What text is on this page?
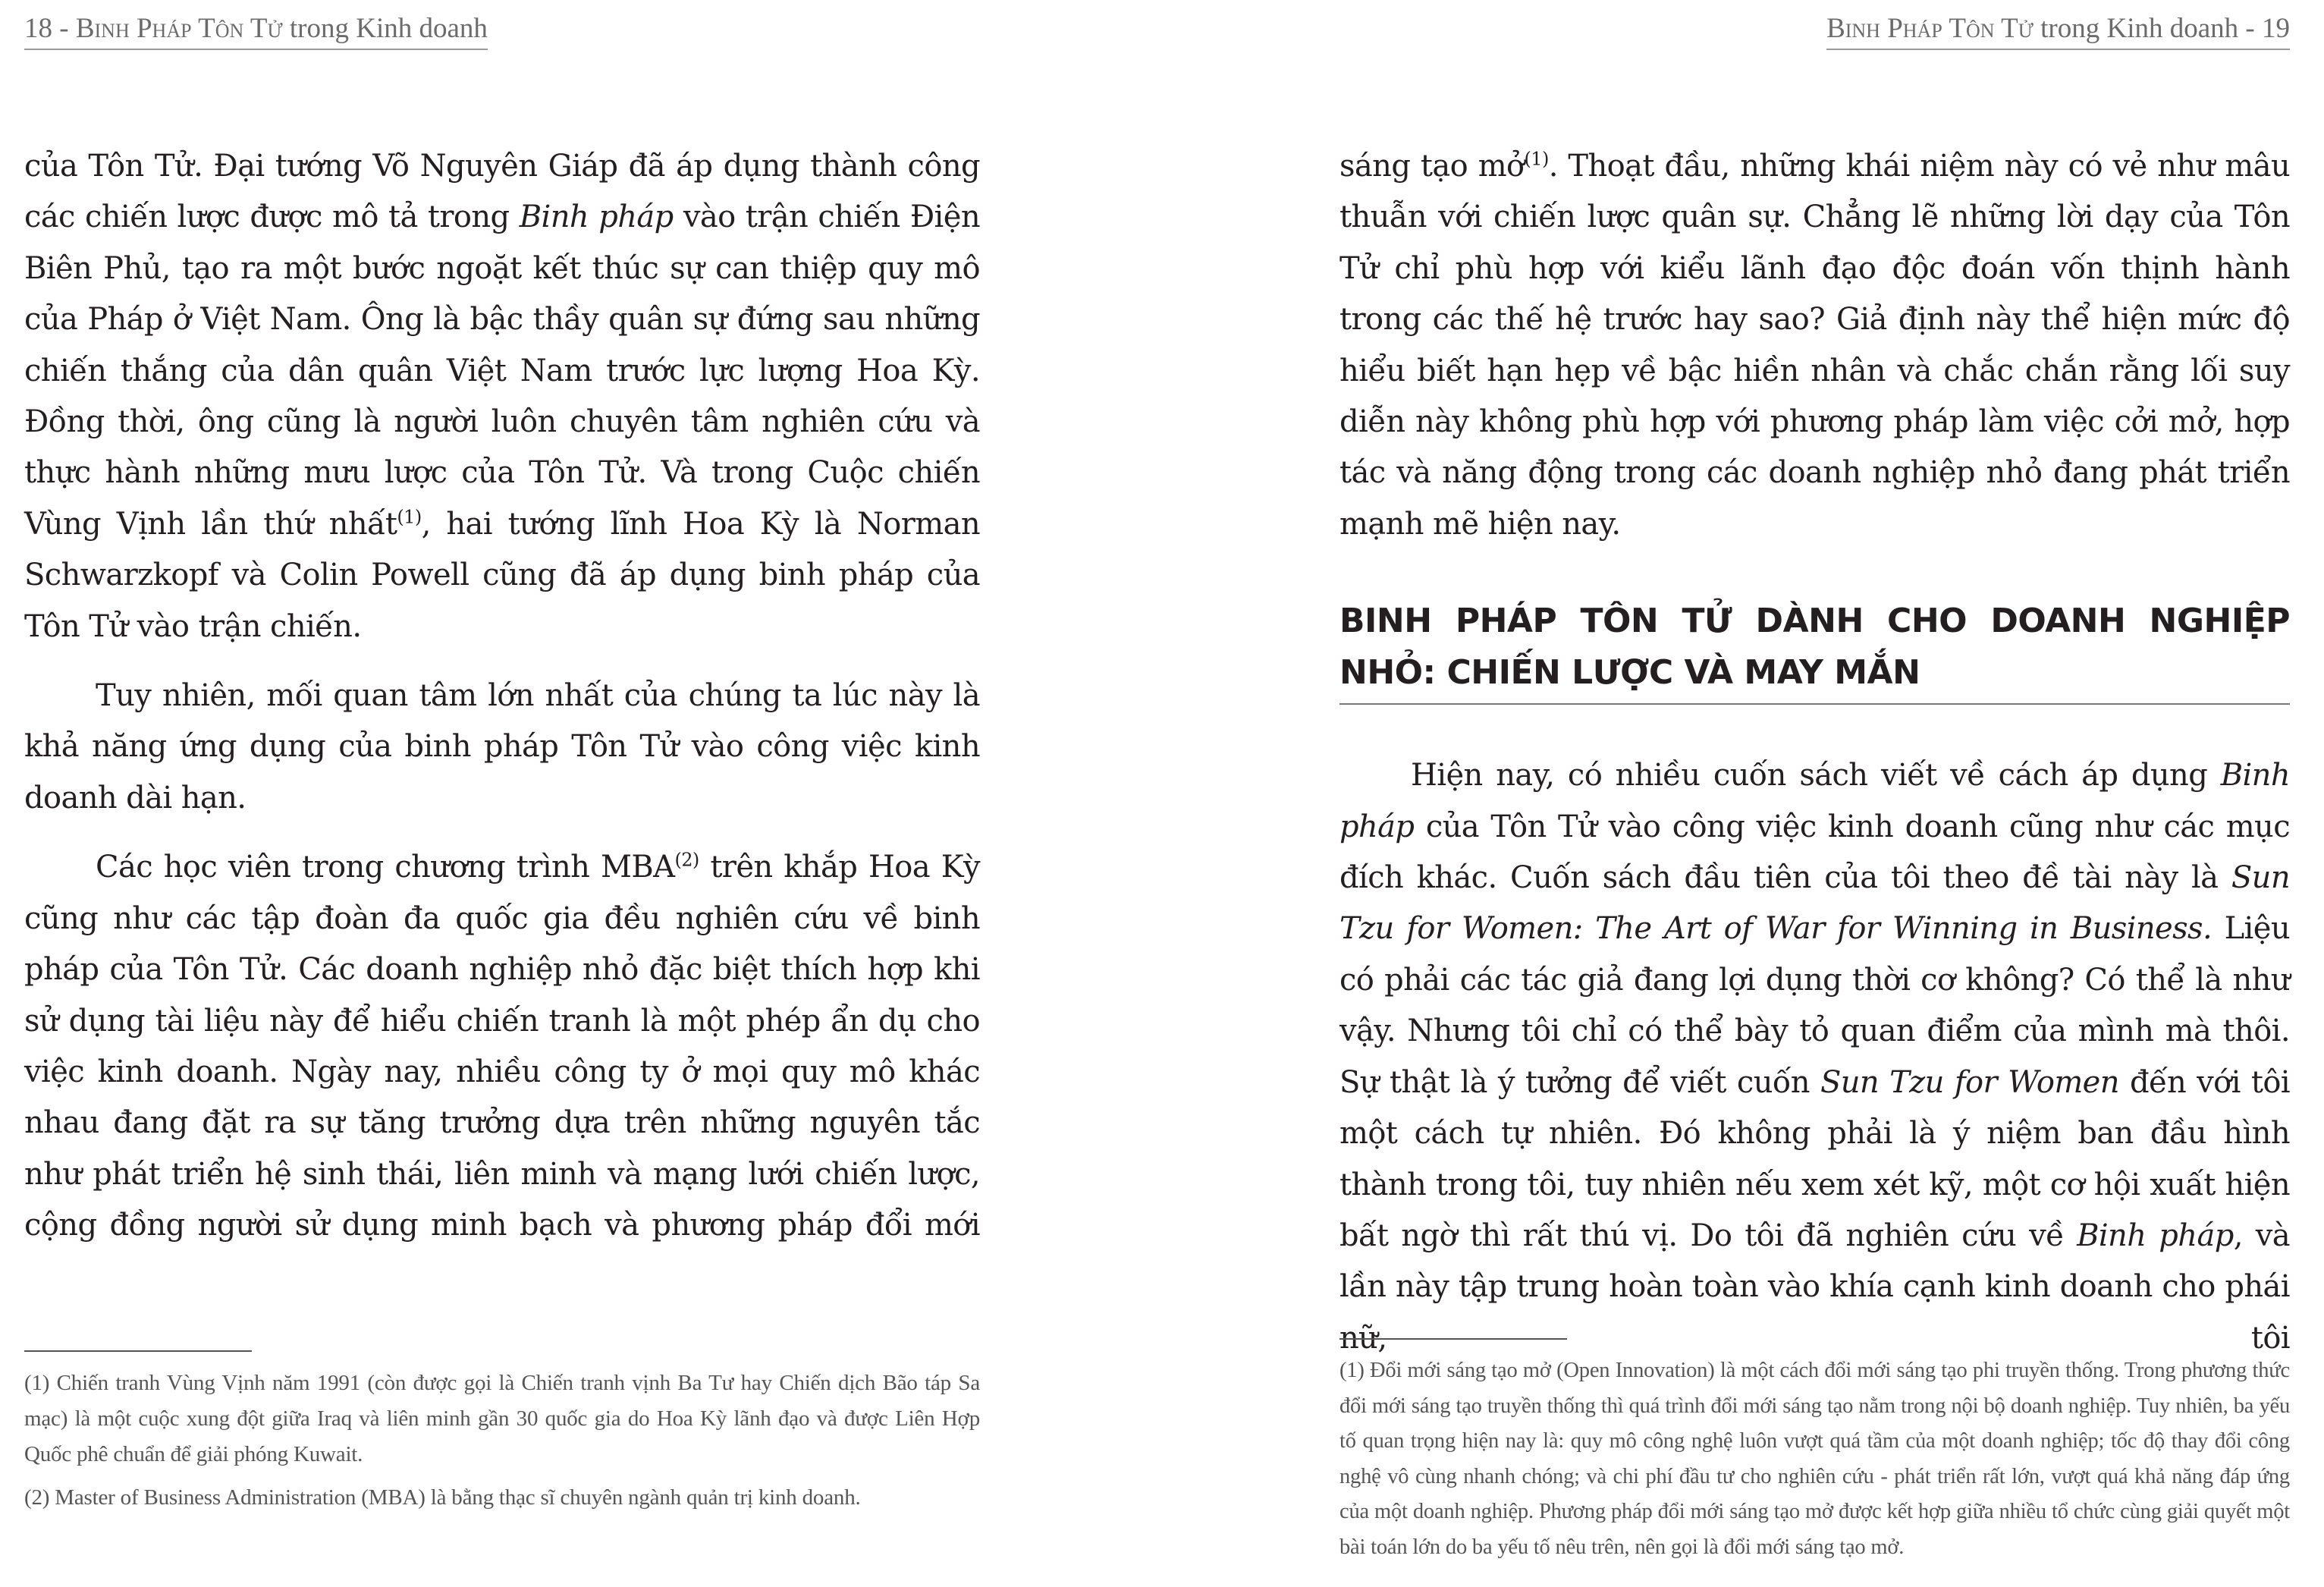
18 - Binh Pháp Tôn Tử trong Kinh doanh

của Tôn Tử. Đại tướng Võ Nguyên Giáp đã áp dụng thành công các chiến lược được mô tả trong Binh pháp vào trận chiến Điện Biên Phủ, tạo ra một bước ngoặt kết thúc sự can thiệp quy mô của Pháp ở Việt Nam. Ông là bậc thầy quân sự đứng sau những chiến thắng của dân quân Việt Nam trước lực lượng Hoa Kỳ. Đồng thời, ông cũng là người luôn chuyên tâm nghiên cứu và thực hành những mưu lược của Tôn Tử. Và trong Cuộc chiến Vùng Vịnh lần thứ nhất$^{(1)}$, hai tướng lĩnh Hoa Kỳ là Norman Schwarzkopf và Colin Powell cũng đã áp dụng binh pháp của Tôn Tử vào trận chiến.

Tuy nhiên, mối quan tâm lớn nhất của chúng ta lúc này là khả năng ứng dụng của binh pháp Tôn Tử vào công việc kinh doanh dài hạn.

Các học viên trong chương trình MBA$^{(2)}$ trên khắp Hoa Kỳ cũng như các tập đoàn đa quốc gia đều nghiên cứu về binh pháp của Tôn Tử. Các doanh nghiệp nhỏ đặc biệt thích hợp khi sử dụng tài liệu này để hiểu chiến tranh là một phép ẩn dụ cho việc kinh doanh. Ngày nay, nhiều công ty ở mọi quy mô khác nhau đang đặt ra sự tăng trưởng dựa trên những nguyên tắc như phát triển hệ sinh thái, liên minh và mạng lưới chiến lược, cộng đồng người sử dụng minh bạch và phương pháp đổi mới

(1) Chiến tranh Vùng Vịnh năm 1991 (còn được gọi là Chiến tranh vịnh Ba Tư hay Chiến dịch Bão táp Sa mạc) là một cuộc xung đột giữa Iraq và liên minh gần 30 quốc gia do Hoa Kỳ lãnh đạo và được Liên Hợp Quốc phê chuẩn để giải phóng Kuwait.

(2) Master of Business Administration (MBA) là bằng thạc sĩ chuyên ngành quản trị kinh doanh.

Binh Pháp Tôn Tử trong Kinh doanh - 19

sáng tạo mở$^{(1)}$. Thoạt đầu, những khái niệm này có vẻ như mâu thuẫn với chiến lược quân sự. Chẳng lẽ những lời dạy của Tôn Tử chỉ phù hợp với kiểu lãnh đạo độc đoán vốn thịnh hành trong các thế hệ trước hay sao? Giả định này thể hiện mức độ hiểu biết hạn hẹp về bậc hiền nhân và chắc chắn rằng lối suy diễn này không phù hợp với phương pháp làm việc cởi mở, hợp tác và năng động trong các doanh nghiệp nhỏ đang phát triển mạnh mẽ hiện nay.

BINH PHÁP TÔN TỬ DÀNH CHO DOANH NGHIỆP NHỎ: CHIẾN LƯỢC VÀ MAY MẮN

Hiện nay, có nhiều cuốn sách viết về cách áp dụng Binh pháp của Tôn Tử vào công việc kinh doanh cũng như các mục đích khác. Cuốn sách đầu tiên của tôi theo đề tài này là Sun Tzu for Women: The Art of War for Winning in Business. Liệu có phải các tác giả đang lợi dụng thời cơ không? Có thể là như vậy. Nhưng tôi chỉ có thể bày tỏ quan điểm của mình mà thôi. Sự thật là ý tưởng để viết cuốn Sun Tzu for Women đến với tôi một cách tự nhiên. Đó không phải là ý niệm ban đầu hình thành trong tôi, tuy nhiên nếu xem xét kỹ, một cơ hội xuất hiện bất ngờ thì rất thú vị. Do tôi đã nghiên cứu về Binh pháp, và lần này tập trung hoàn toàn vào khía cạnh kinh doanh cho phái nữ, tôi

(1) Đổi mới sáng tạo mở (Open Innovation) là một cách đổi mới sáng tạo phi truyền thống. Trong phương thức đổi mới sáng tạo truyền thống thì quá trình đổi mới sáng tạo nằm trong nội bộ doanh nghiệp. Tuy nhiên, ba yếu tố quan trọng hiện nay là: quy mô công nghệ luôn vượt quá tầm của một doanh nghiệp; tốc độ thay đổi công nghệ vô cùng nhanh chóng; và chi phí đầu tư cho nghiên cứu - phát triển rất lớn, vượt quá khả năng đáp ứng của một doanh nghiệp. Phương pháp đổi mới sáng tạo mở được kết hợp giữa nhiều tổ chức cùng giải quyết một bài toán lớn do ba yếu tố nêu trên, nên gọi là đổi mới sáng tạo mở.
